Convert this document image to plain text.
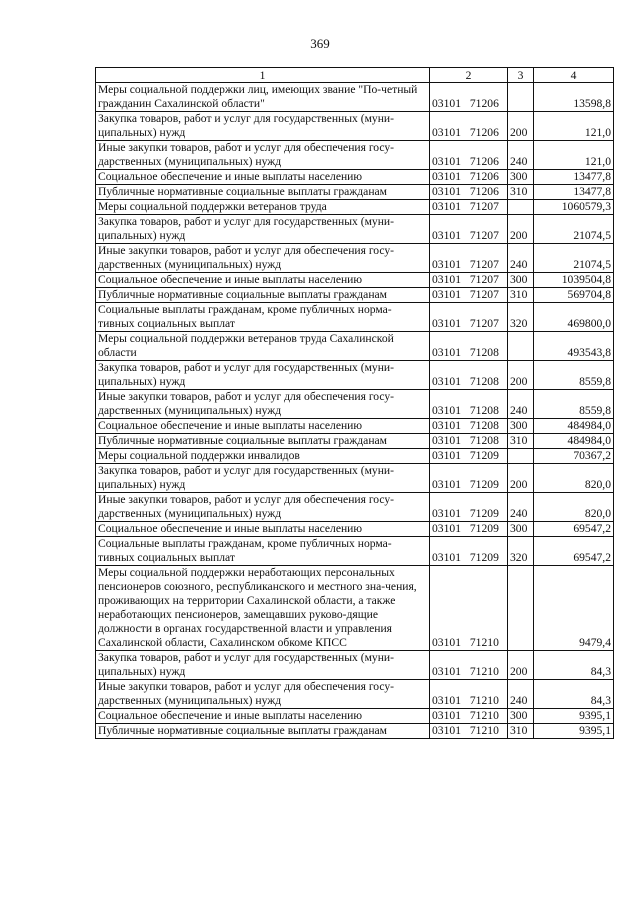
369
1	2	3	4
Меры социальной поддержки лиц, имеющих звание "По-четный гражданин Сахалинской области"	03101 71206		13598,8
Закупка товаров, работ и услуг для государственных (муни-ципальных) нужд	03101 71206	200	121,0
Иные закупки товаров, работ и услуг для обеспечения госу-дарственных (муниципальных) нужд	03101 71206	240	121,0
Социальное обеспечение и иные выплаты населению	03101 71206	300	13477,8
Публичные нормативные социальные выплаты гражданам	03101 71206	310	13477,8
Меры социальной поддержки ветеранов труда	03101 71207		1060579,3
Закупка товаров, работ и услуг для государственных (муни-ципальных) нужд	03101 71207	200	21074,5
Иные закупки товаров, работ и услуг для обеспечения госу-дарственных (муниципальных) нужд	03101 71207	240	21074,5
Социальное обеспечение и иные выплаты населению	03101 71207	300	1039504,8
Публичные нормативные социальные выплаты гражданам	03101 71207	310	569704,8
Социальные выплаты гражданам, кроме публичных норма-тивных социальных выплат	03101 71207	320	469800,0
Меры социальной поддержки ветеранов труда Сахалинской области	03101 71208		493543,8
Закупка товаров, работ и услуг для государственных (муни-ципальных) нужд	03101 71208	200	8559,8
Иные закупки товаров, работ и услуг для обеспечения госу-дарственных (муниципальных) нужд	03101 71208	240	8559,8
Социальное обеспечение и иные выплаты населению	03101 71208	300	484984,0
Публичные нормативные социальные выплаты гражданам	03101 71208	310	484984,0
Меры социальной поддержки инвалидов	03101 71209		70367,2
Закупка товаров, работ и услуг для государственных (муни-ципальных) нужд	03101 71209	200	820,0
Иные закупки товаров, работ и услуг для обеспечения госу-дарственных (муниципальных) нужд	03101 71209	240	820,0
Социальное обеспечение и иные выплаты населению	03101 71209	300	69547,2
Социальные выплаты гражданам, кроме публичных норма-тивных социальных выплат	03101 71209	320	69547,2
Меры социальной поддержки неработающих персональных пенсионеров союзного, республиканского и местного зна-чения, проживающих на территории Сахалинской области, а также неработающих пенсионеров, замещавших руково-дящие должности в органах государственной власти и управления Сахалинской области, Сахалинском обкоме КПСС	03101 71210		9479,4
Закупка товаров, работ и услуг для государственных (муни-ципальных) нужд	03101 71210	200	84,3
Иные закупки товаров, работ и услуг для обеспечения госу-дарственных (муниципальных) нужд	03101 71210	240	84,3
Социальное обеспечение и иные выплаты населению	03101 71210	300	9395,1
Публичные нормативные социальные выплаты гражданам	03101 71210	310	9395,1
